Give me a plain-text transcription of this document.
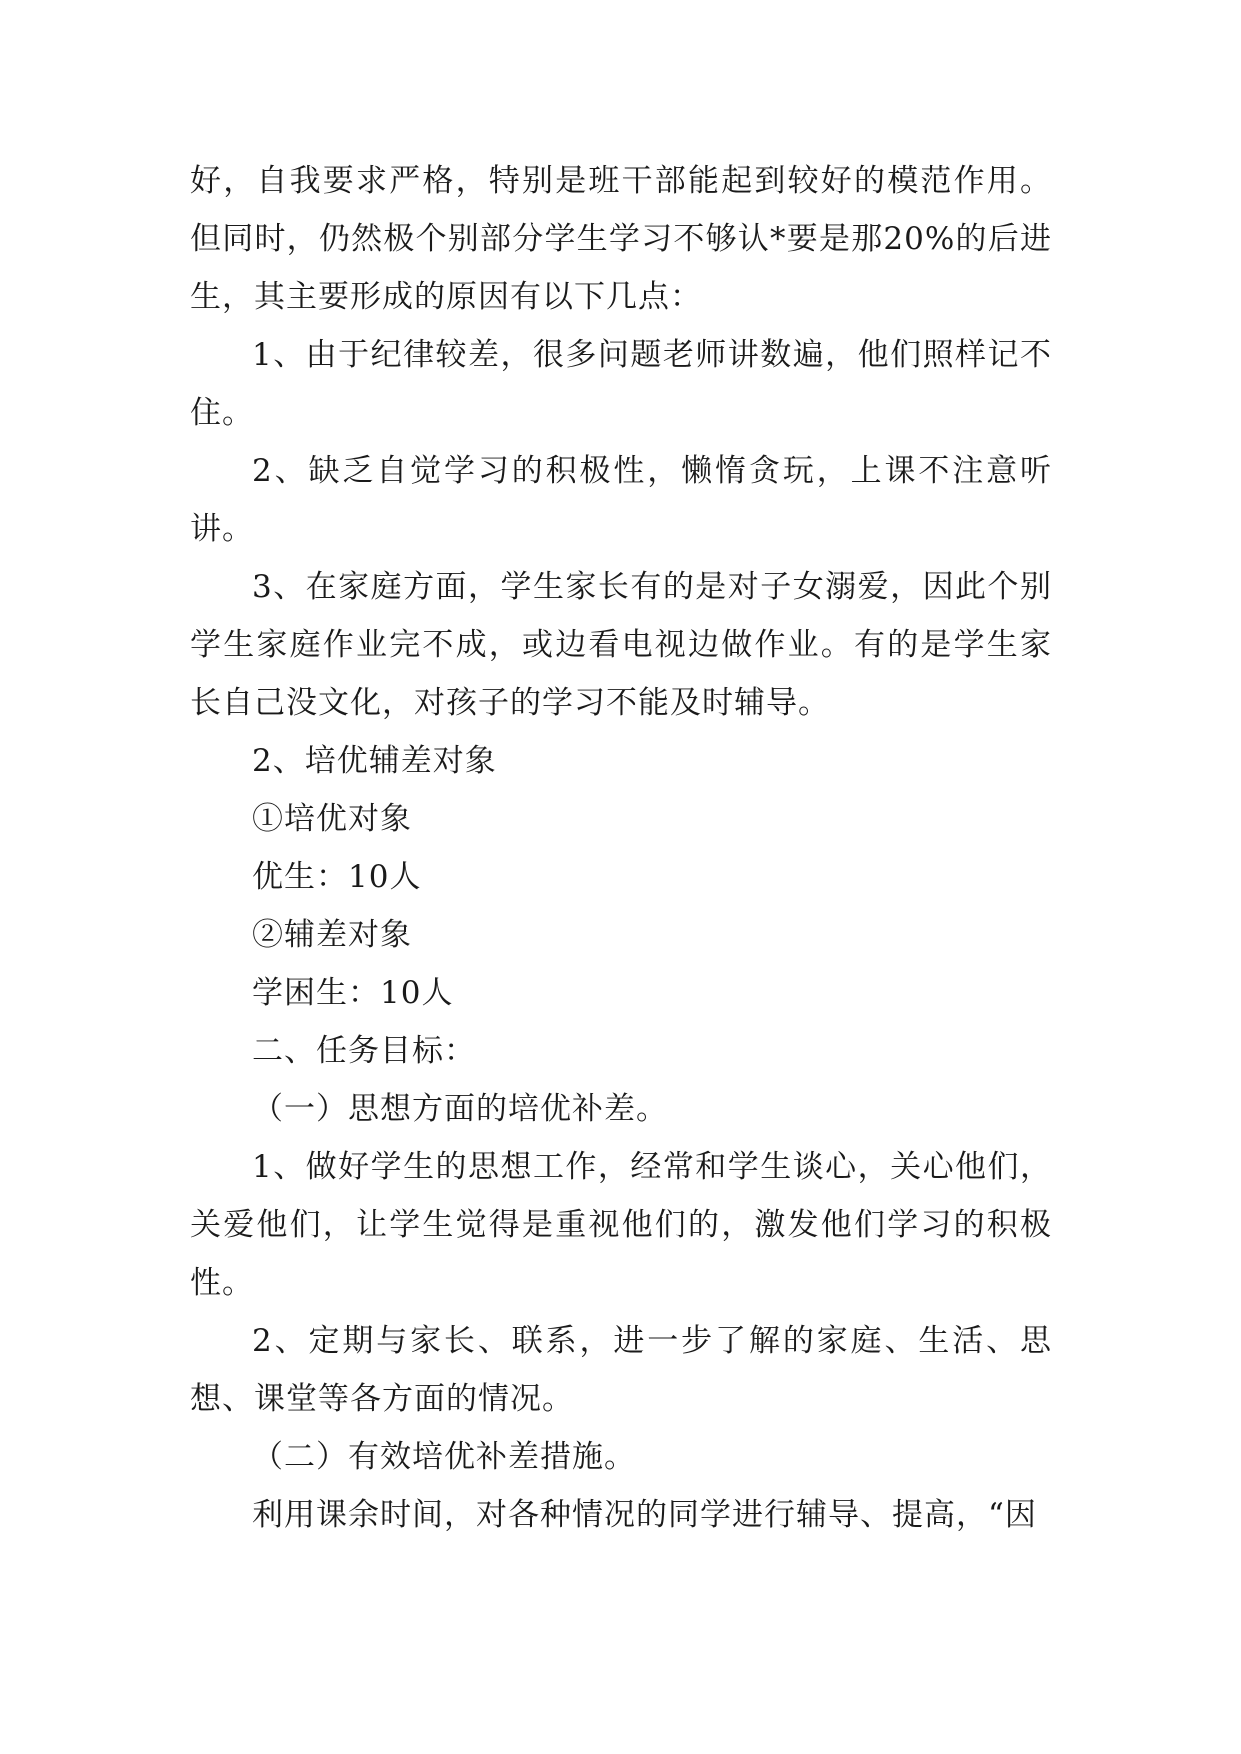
好，自我要求严格，特别是班干部能起到较好的模范作用。但同时，仍然极个别部分学生学习不够认*要是那20%的后进生，其主要形成的原因有以下几点：

1、由于纪律较差，很多问题老师讲数遍，他们照样记不住。

2、缺乏自觉学习的积极性，懒惰贪玩，上课不注意听讲。

3、在家庭方面，学生家长有的是对子女溺爱，因此个别学生家庭作业完不成，或边看电视边做作业。有的是学生家长自己没文化，对孩子的学习不能及时辅导。

2、培优辅差对象

①培优对象

优生：10人

②辅差对象

学困生：10人

二、任务目标：

（一）思想方面的培优补差。

1、做好学生的思想工作，经常和学生谈心，关心他们，关爱他们，让学生觉得是重视他们的，激发他们学习的积极性。

2、定期与家长、联系，进一步了解的家庭、生活、思想、课堂等各方面的情况。

（二）有效培优补差措施。

利用课余时间，对各种情况的同学进行辅导、提高，“因
